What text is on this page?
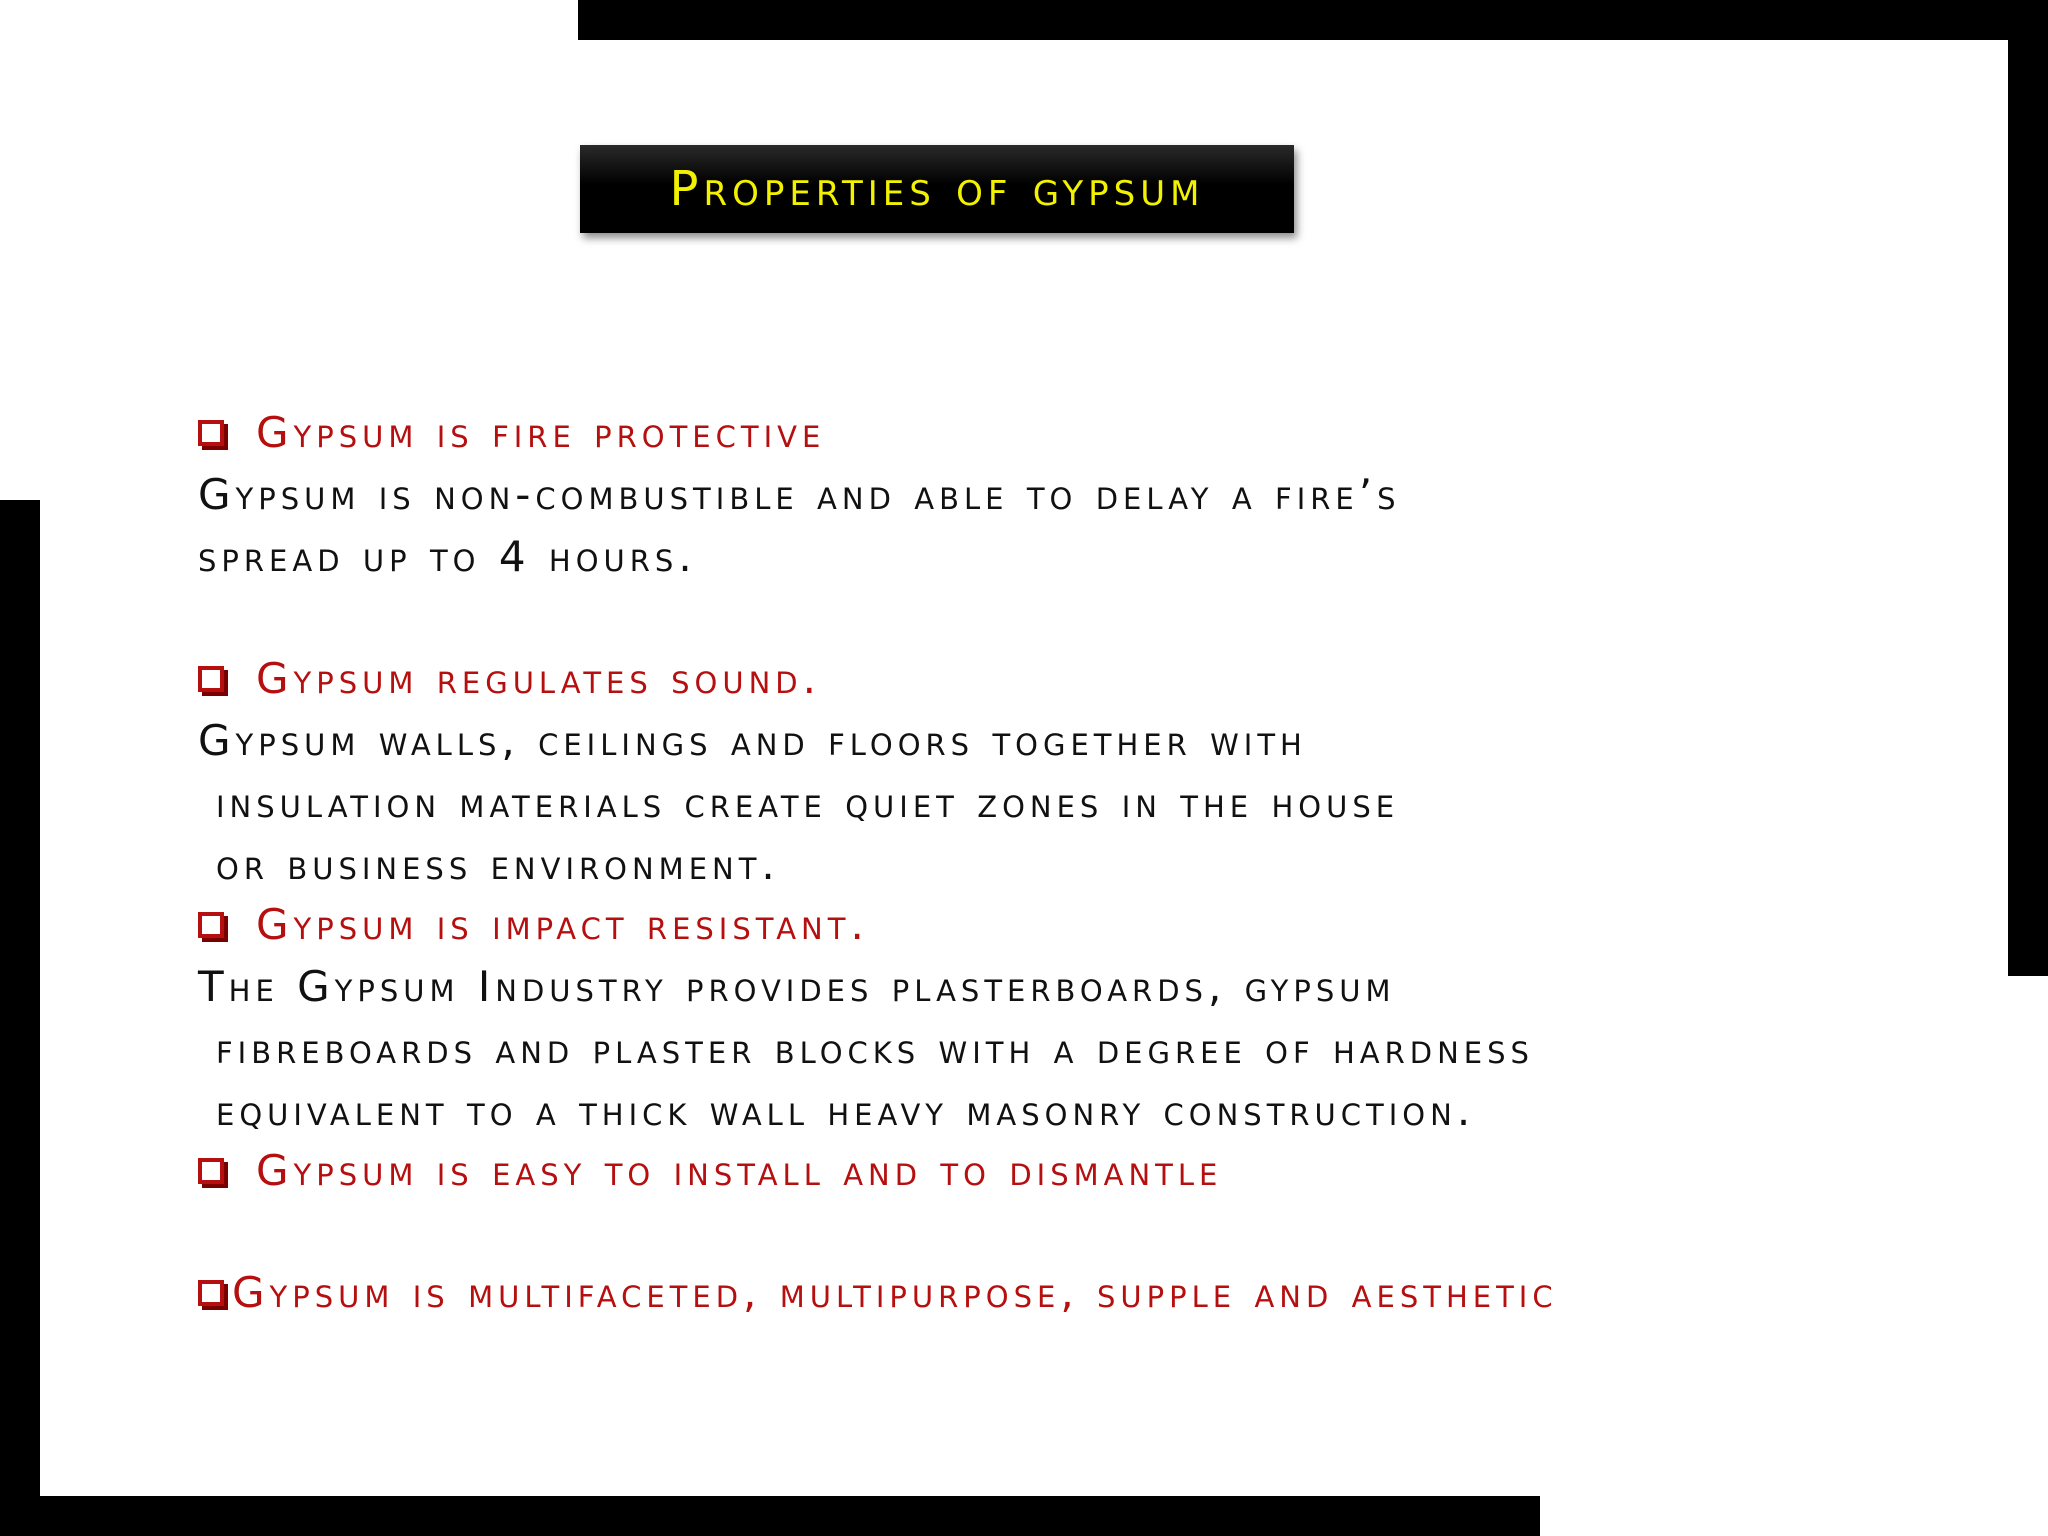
Properties of gypsum
Gypsum is fire protective
Gypsum is non-combustible and able to delay a fire’s
spread up to 4 hours.
Gypsum regulates sound.
Gypsum walls, ceilings and floors together with
insulation materials create quiet zones in the house
or business environment.
Gypsum is impact resistant.
The Gypsum Industry provides plasterboards, gypsum
fibreboards and plaster blocks with a degree of hardness
equivalent to a thick wall heavy masonry construction.
Gypsum is easy to install and to dismantle
Gypsum is multifaceted, multipurpose, supple and aesthetic
